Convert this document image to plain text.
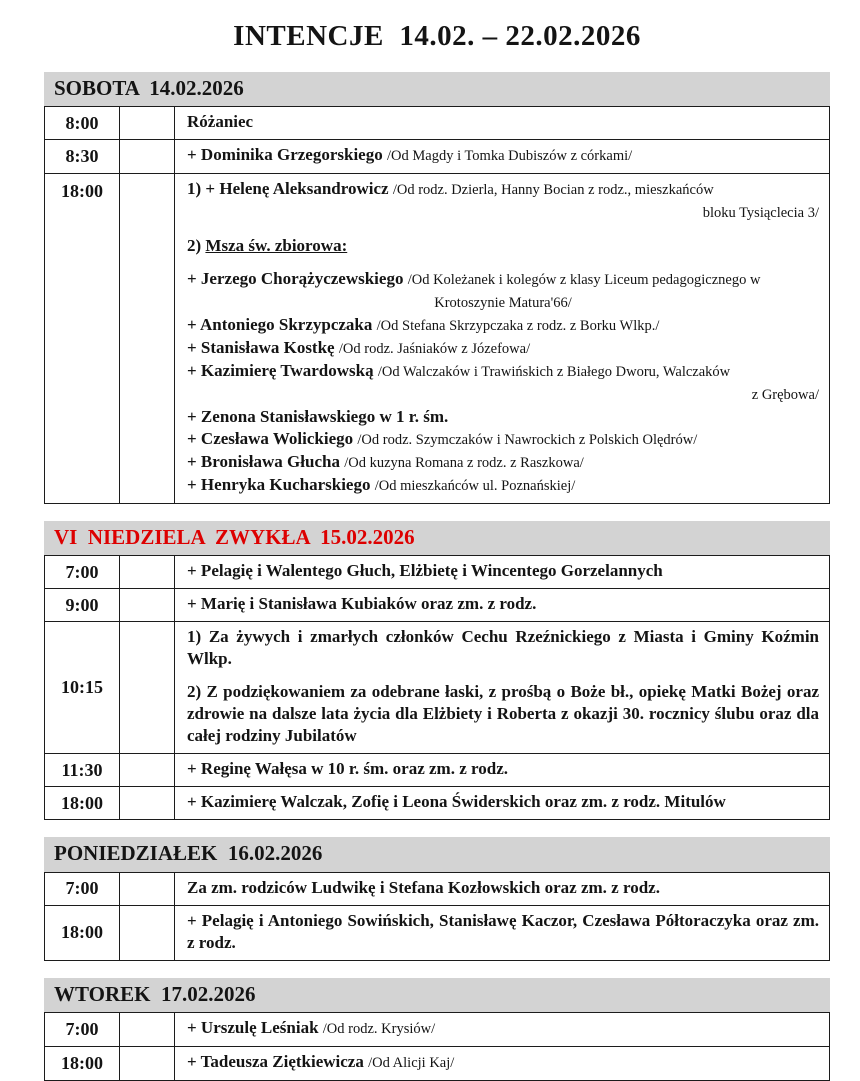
INTENCJE  14.02. – 22.02.2026
SOBOTA  14.02.2026
8:00		Różaniec

8:30		+ Dominika Grzegorskiego /Od Magdy i Tomka Dubiszów z córkami/

18:00		1) + Helenę Aleksandrowicz /Od rodz. Dzierla, Hanny Bocian z rodz., mieszkańców
bloku Tysiąclecia 3/
2) Msza św. zbiorowa:
+ Jerzego Chorążyczewskiego /Od Koleżanek i kolegów z klasy Liceum pedagogicznego w
Krotoszynie Matura'66/
+ Antoniego Skrzypczaka /Od Stefana Skrzypczaka z rodz. z Borku Wlkp./
+ Stanisława Kostkę /Od rodz. Jaśniaków z Józefowa/
+ Kazimierę Twardowską /Od Walczaków i Trawińskich z Białego Dworu, Walczaków
z Grębowa/
+ Zenona Stanisławskiego w 1 r. śm.
+ Czesława Wolickiego /Od rodz. Szymczaków i Nawrockich z Polskich Olędrów/
+ Bronisława Głucha /Od kuzyna Romana z rodz. z Raszkowa/
+ Henryka Kucharskiego /Od mieszkańców ul. Poznańskiej/
VI  NIEDZIELA  ZWYKŁA  15.02.2026
7:00		+ Pelagię i Walentego Głuch, Elżbietę i Wincentego Gorzelannych

9:00		+ Marię i Stanisława Kubiaków oraz zm. z rodz.

10:15		1) Za żywych i zmarłych członków Cechu Rzeźnickiego z Miasta i Gminy Koźmin Wlkp.
2) Z podziękowaniem za odebrane łaski, z prośbą o Boże bł., opiekę Matki Bożej oraz zdrowie na dalsze lata życia dla Elżbiety i Roberta z okazji 30. rocznicy ślubu oraz dla całej rodziny Jubilatów

11:30		+ Reginę Wałęsa w 10 r. śm. oraz zm. z rodz.

18:00		+ Kazimierę Walczak, Zofię i Leona Świderskich oraz zm. z rodz. Mitulów
PONIEDZIAŁEK  16.02.2026
7:00		Za zm. rodziców Ludwikę i Stefana Kozłowskich oraz zm. z rodz.

18:00		+ Pelagię i Antoniego Sowińskich, Stanisławę Kaczor, Czesława Półtoraczyka oraz zm. z rodz.
WTOREK  17.02.2026
7:00		+ Urszulę Leśniak /Od rodz. Krysiów/

18:00		+ Tadeusza Ziętkiewicza /Od Alicji Kaj/
